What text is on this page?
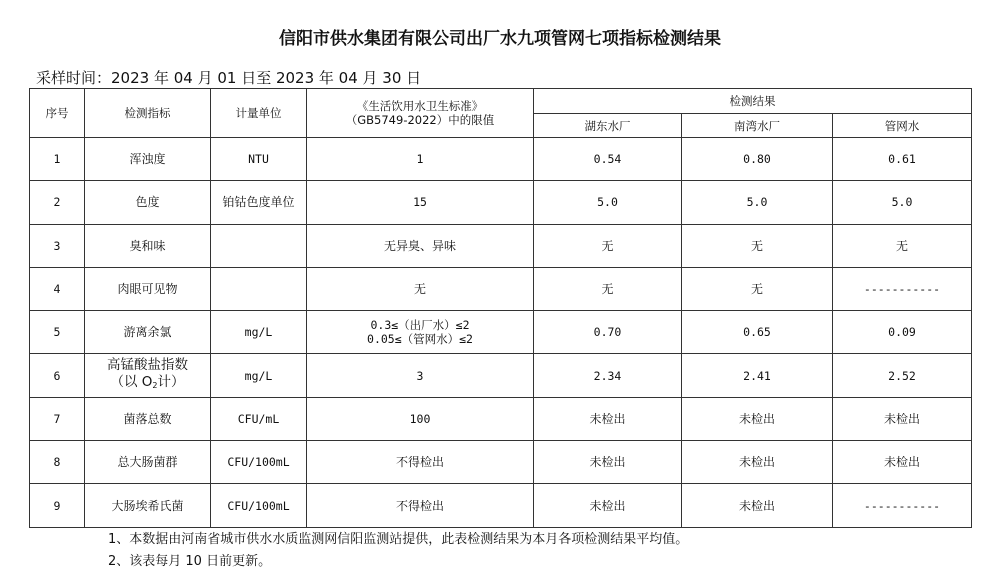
信阳市供水集团有限公司出厂水九项管网七项指标检测结果
采样时间：2023 年 04 月 01 日至 2023 年 04 月 30 日
序号	检测指标	计量单位	《生活饮用水卫生标准》
（GB5749-2022）中的限值	检测结果		
				湖东水厂	南湾水厂	管网水
1	浑浊度	NTU	1	0.54	0.80	0.61
2	色度	铂钴色度单位	15	5.0	5.0	5.0
3	臭和味		无异臭、异味	无	无	无
4	肉眼可见物		无	无	无	-----------
5	游离余氯	mg/L	0.3≤（出厂水）≤2
0.05≤（管网水）≤2	0.70	0.65	0.09
6	高锰酸盐指数
（以 $O_2$计）	mg/L	3	2.34	2.41	2.52
7	菌落总数	CFU/mL	100	未检出	未检出	未检出
8	总大肠菌群	CFU/100mL	不得检出	未检出	未检出	未检出
9	大肠埃希氏菌	CFU/100mL	不得检出	未检出	未检出	-----------
1、本数据由河南省城市供水水质监测网信阳监测站提供，此表检测结果为本月各项检测结果平均值。
2、该表每月 10 日前更新。
